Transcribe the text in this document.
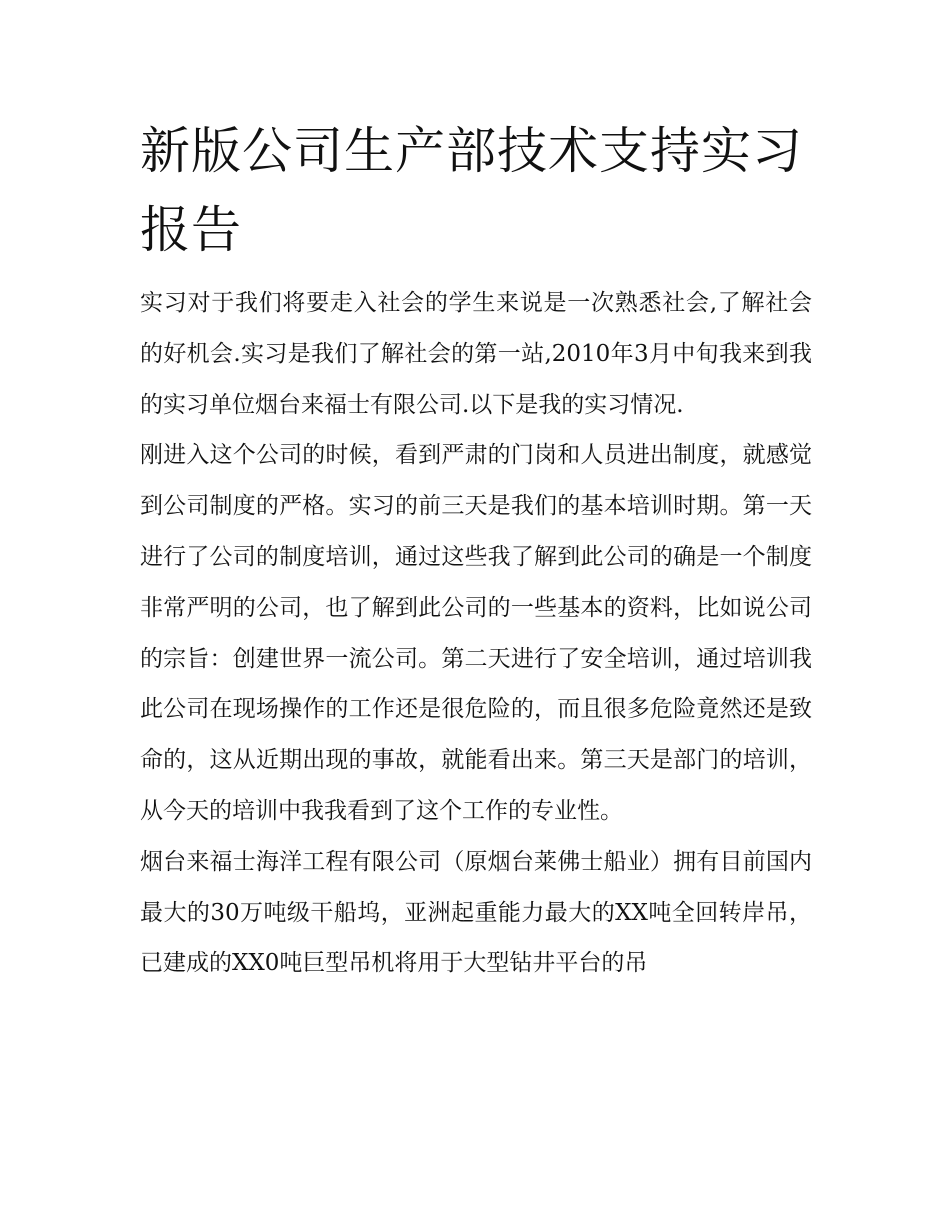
新版公司生产部技术支持实习报告

实习对于我们将要走入社会的学生来说是一次熟悉社会,了解社会的好机会.实习是我们了解社会的第一站,2010年3月中旬我来到我的实习单位烟台来福士有限公司.以下是我的实习情况.

刚进入这个公司的时候，看到严肃的门岗和人员进出制度，就感觉到公司制度的严格。实习的前三天是我们的基本培训时期。第一天进行了公司的制度培训，通过这些我了解到此公司的确是一个制度非常严明的公司，也了解到此公司的一些基本的资料，比如说公司的宗旨：创建世界一流公司。第二天进行了安全培训，通过培训我此公司在现场操作的工作还是很危险的，而且很多危险竟然还是致命的，这从近期出现的事故，就能看出来。第三天是部门的培训，从今天的培训中我我看到了这个工作的专业性。

烟台来福士海洋工程有限公司（原烟台莱佛士船业）拥有目前国内最大的30万吨级干船坞，亚洲起重能力最大的XX吨全回转岸吊，已建成的XX0吨巨型吊机将用于大型钻井平台的吊
